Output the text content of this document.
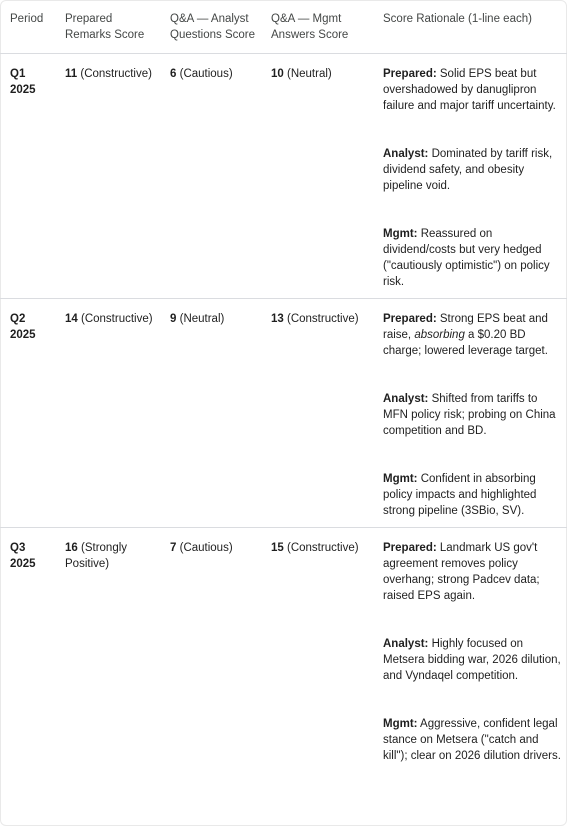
Period	Prepared Remarks Score	Q&A — Analyst Questions Score	Q&A — Mgmt Answers Score	Score Rationale (1-line each)
Q1 2025	11 (Constructive)	6 (Cautious)	10 (Neutral)	Prepared: Solid EPS beat but overshadowed by danuglipron failure and major tariff uncertainty.

Analyst: Dominated by tariff risk, dividend safety, and obesity pipeline void.

Mgmt: Reassured on dividend/costs but very hedged ("cautiously optimistic") on policy risk.

Q2 2025	14 (Constructive)	9 (Neutral)	13 (Constructive)	Prepared: Strong EPS beat and raise, absorbing a $0.20 BD charge; lowered leverage target.

Analyst: Shifted from tariffs to MFN policy risk; probing on China competition and BD.

Mgmt: Confident in absorbing policy impacts and highlighted strong pipeline (3SBio, SV).

Q3 2025	16 (Strongly Positive)	7 (Cautious)	15 (Constructive)	Prepared: Landmark US gov't agreement removes policy overhang; strong Padcev data; raised EPS again.

Analyst: Highly focused on Metsera bidding war, 2026 dilution, and Vyndaqel competition.

Mgmt: Aggressive, confident legal stance on Metsera ("catch and kill"); clear on 2026 dilution drivers.
